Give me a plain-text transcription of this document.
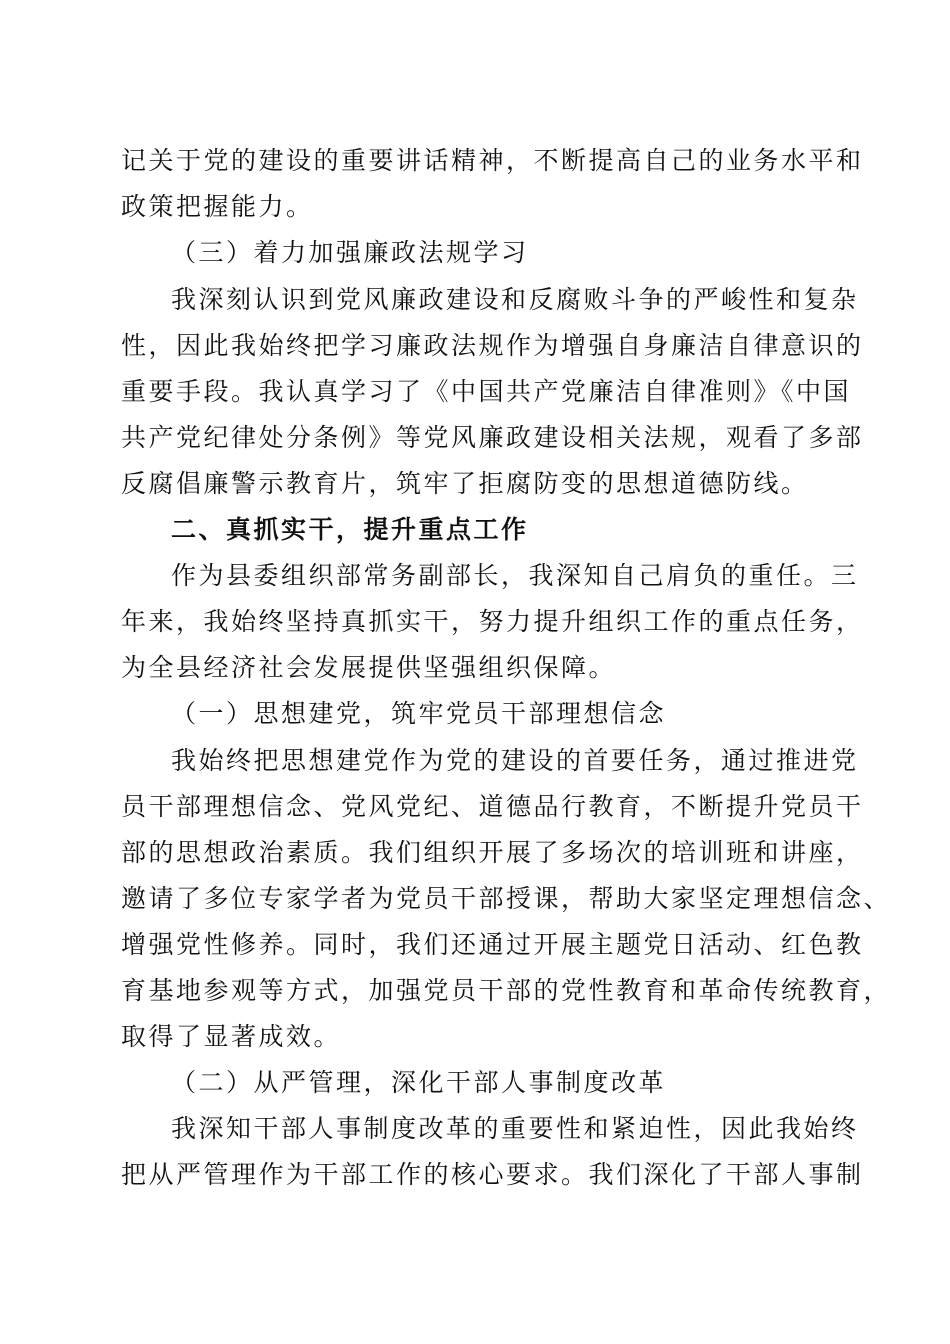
记关于党的建设的重要讲话精神，不断提高自己的业务水平和
政策把握能力。
（三）着力加强廉政法规学习
我深刻认识到党风廉政建设和反腐败斗争的严峻性和复杂
性，因此我始终把学习廉政法规作为增强自身廉洁自律意识的
重要手段。我认真学习了《中国共产党廉洁自律准则》《中国
共产党纪律处分条例》等党风廉政建设相关法规，观看了多部
反腐倡廉警示教育片，筑牢了拒腐防变的思想道德防线。
二、真抓实干，提升重点工作
作为县委组织部常务副部长，我深知自己肩负的重任。三
年来，我始终坚持真抓实干，努力提升组织工作的重点任务，
为全县经济社会发展提供坚强组织保障。
（一）思想建党，筑牢党员干部理想信念
我始终把思想建党作为党的建设的首要任务，通过推进党
员干部理想信念、党风党纪、道德品行教育，不断提升党员干
部的思想政治素质。我们组织开展了多场次的培训班和讲座，
邀请了多位专家学者为党员干部授课，帮助大家坚定理想信念、
增强党性修养。同时，我们还通过开展主题党日活动、红色教
育基地参观等方式，加强党员干部的党性教育和革命传统教育，
取得了显著成效。
（二）从严管理，深化干部人事制度改革
我深知干部人事制度改革的重要性和紧迫性，因此我始终
把从严管理作为干部工作的核心要求。我们深化了干部人事制
